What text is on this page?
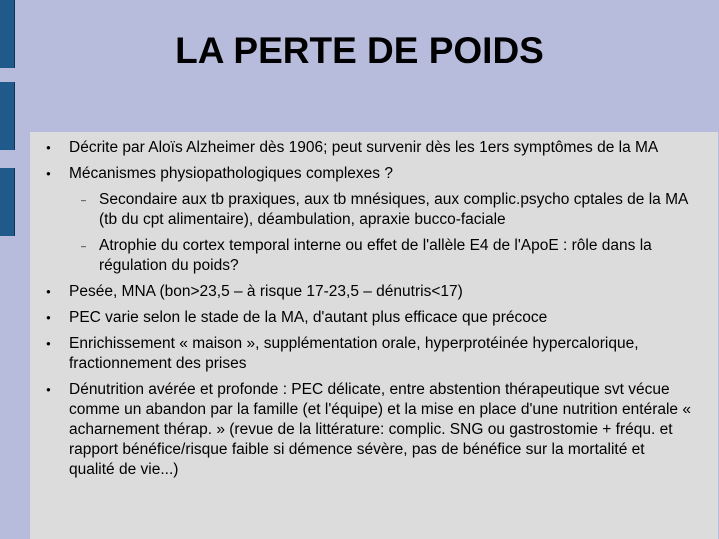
LA PERTE DE POIDS
● Décrite par Aloïs Alzheimer dès 1906; peut survenir dès les 1ers symptômes de la MA
● Mécanismes physiopathologiques complexes ?
– Secondaire aux tb praxiques, aux tb mnésiques, aux complic.psycho cptales de la MA (tb du cpt alimentaire), déambulation, apraxie bucco-faciale
– Atrophie du cortex temporal interne ou effet de l'allèle E4 de l'ApoE : rôle dans la régulation du poids?
● Pesée, MNA (bon>23,5 – à risque 17-23,5 – dénutris<17)
● PEC varie selon le stade de la MA, d'autant plus efficace que précoce
● Enrichissement « maison », supplémentation orale, hyperprotéinée hypercalorique, fractionnement des prises
● Dénutrition avérée et profonde : PEC délicate, entre abstention thérapeutique svt vécue comme un abandon par la famille (et l'équipe) et la mise en place d'une nutrition entérale « acharnement thérap. » (revue de la littérature: complic. SNG ou gastrostomie + fréqu. et rapport bénéfice/risque faible si démence sévère, pas de bénéfice sur la mortalité et qualité de vie...)
